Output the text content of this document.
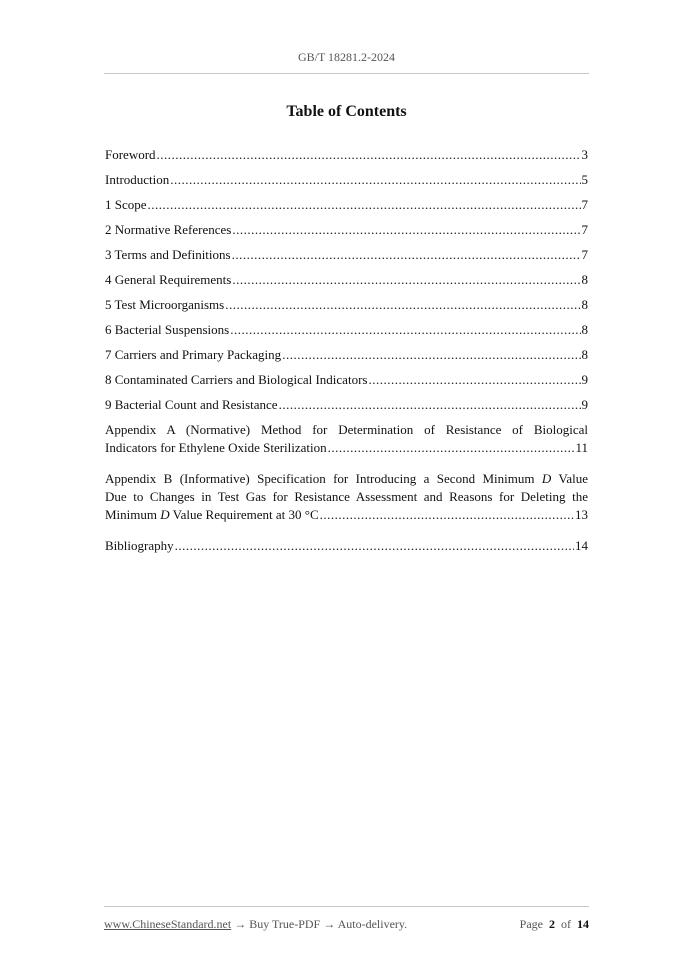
GB/T 18281.2-2024
Table of Contents
Foreword .....	3
Introduction .....	5
1 Scope .....	7
2 Normative References .....	7
3 Terms and Definitions .....	7
4 General Requirements .....	8
5 Test Microorganisms .....	8
6 Bacterial Suspensions .....	8
7 Carriers and Primary Packaging .....	8
8 Contaminated Carriers and Biological Indicators .....	9
9 Bacterial Count and Resistance .....	9
Appendix A (Normative) Method for Determination of Resistance of Biological
Indicators for Ethylene Oxide Sterilization .....	11
Appendix B (Informative) Specification for Introducing a Second Minimum D Value
Due to Changes in Test Gas for Resistance Assessment and Reasons for Deleting the
Minimum D Value Requirement at 30 °C .....	13
Bibliography .....	14
www.ChineseStandard.net → Buy True-PDF → Auto-delivery.	Page 2 of 14
